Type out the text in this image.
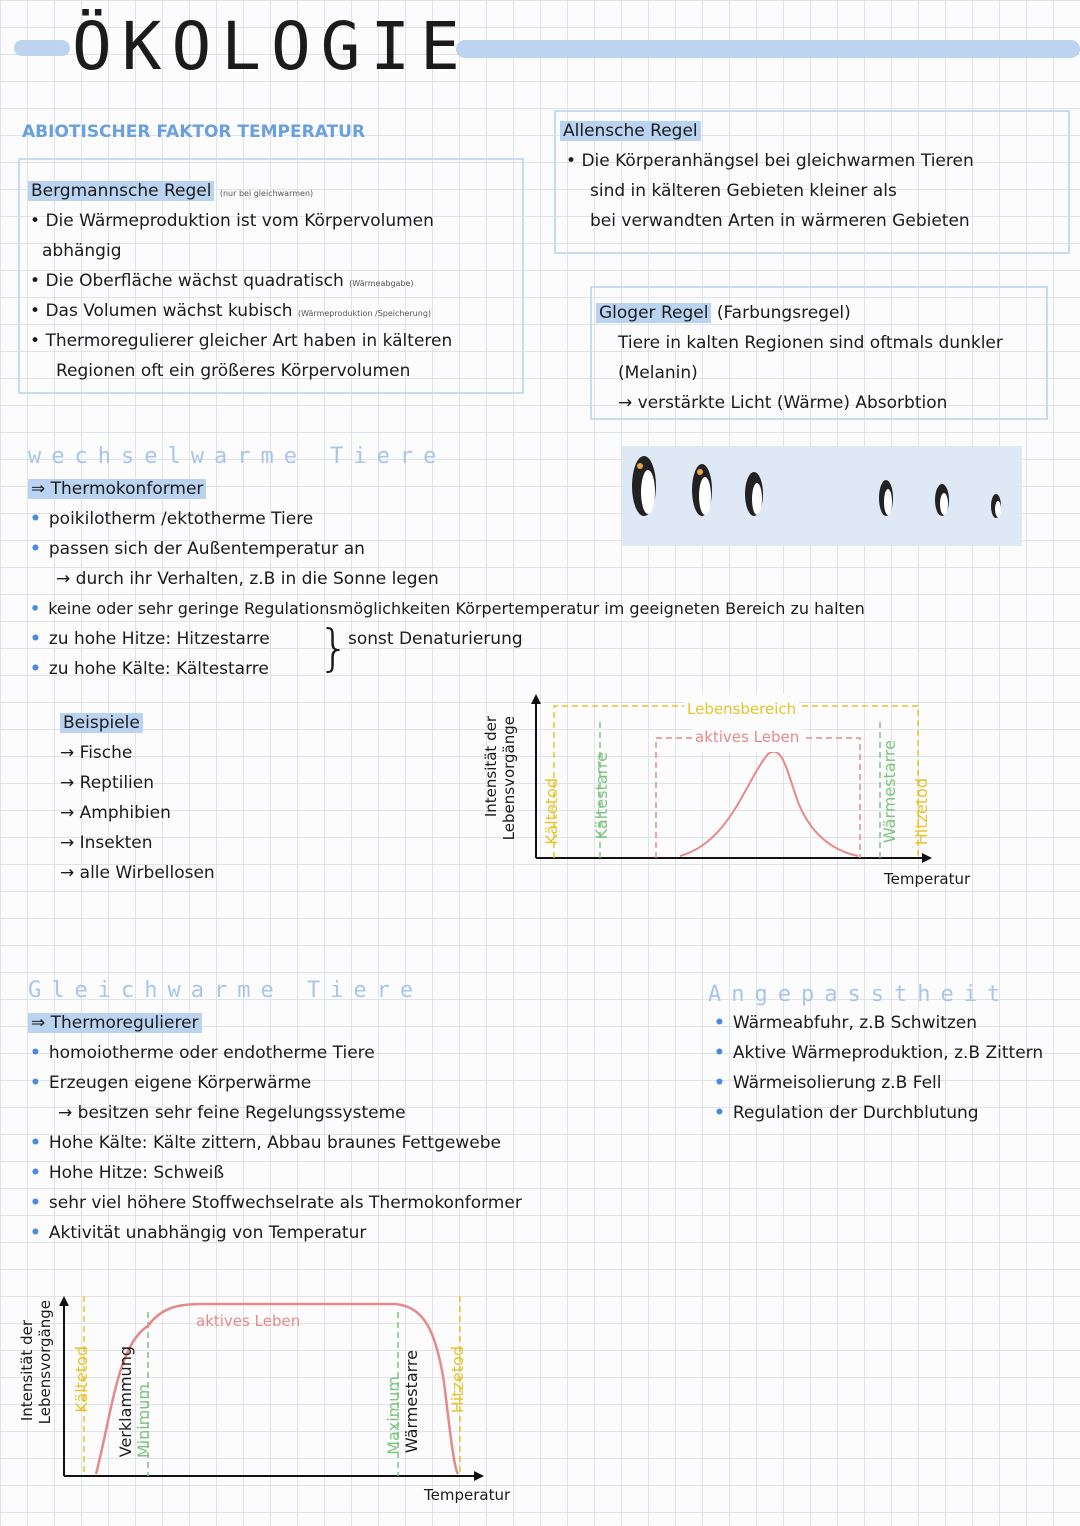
ÖKOLOGIE
ABIOTISCHER FAKTOR TEMPERATUR
Bergmannsche Regel (nur bei gleichwarmen)
• Die Wärmeproduktion ist vom Körpervolumen
abhängig
• Die Oberfläche wächst quadratisch (Wärmeabgabe)
• Das Volumen wächst kubisch (Wärmeproduktion /Speicherung)
• Thermoregulierer gleicher Art haben in kälteren
Regionen oft ein größeres Körpervolumen
Allensche Regel
• Die Körperanhängsel bei gleichwarmen Tieren
sind in kälteren Gebieten kleiner als
bei verwandten Arten in wärmeren Gebieten
Gloger Regel (Farbungsregel)
Tiere in kalten Regionen sind oftmals dunkler
(Melanin)
→ verstärkte Licht (Wärme) Absorbtion
wechselwarme Tiere
⇒ Thermokonformer
• poikilotherm /ektotherme Tiere
• passen sich der Außentemperatur an
→ durch ihr Verhalten, z.B in die Sonne legen
• keine oder sehr geringe Regulationsmöglichkeiten Körpertemperatur im geeigneten Bereich zu halten
• zu hohe Hitze: Hitzestarre
• zu hohe Kälte: Kältestarre }
sonst Denaturierung
Beispiele
→ Fische
→ Reptilien
→ Amphibien
→ Insekten
→ alle Wirbellosen
Intensität der Lebensvorgänge Kältetod Kältestarre	Wärmestarre Hitzetod
Lebensbereich
aktives Leben
Temperatur
Gleichwarme Tiere
⇒ Thermoregulierer
• homoiotherme oder endotherme Tiere
• Erzeugen eigene Körperwärme
→ besitzen sehr feine Regelungssysteme
• Hohe Kälte: Kälte zittern, Abbau braunes Fettgewebe
• Hohe Hitze: Schweiß
• sehr viel höhere Stoffwechselrate als Thermokonformer
• Aktivität unabhängig von Temperatur
Angepasstheit
• Wärmeabfuhr, z.B Schwitzen
• Aktive Wärmeproduktion, z.B Zittern
• Wärmeisolierung z.B Fell
• Regulation der Durchblutung
Intensität der Lebensvorgänge Kältetod Verklammung Minimum	Maximum Wärmestarre Hitzetod
aktives Leben
Temperatur
